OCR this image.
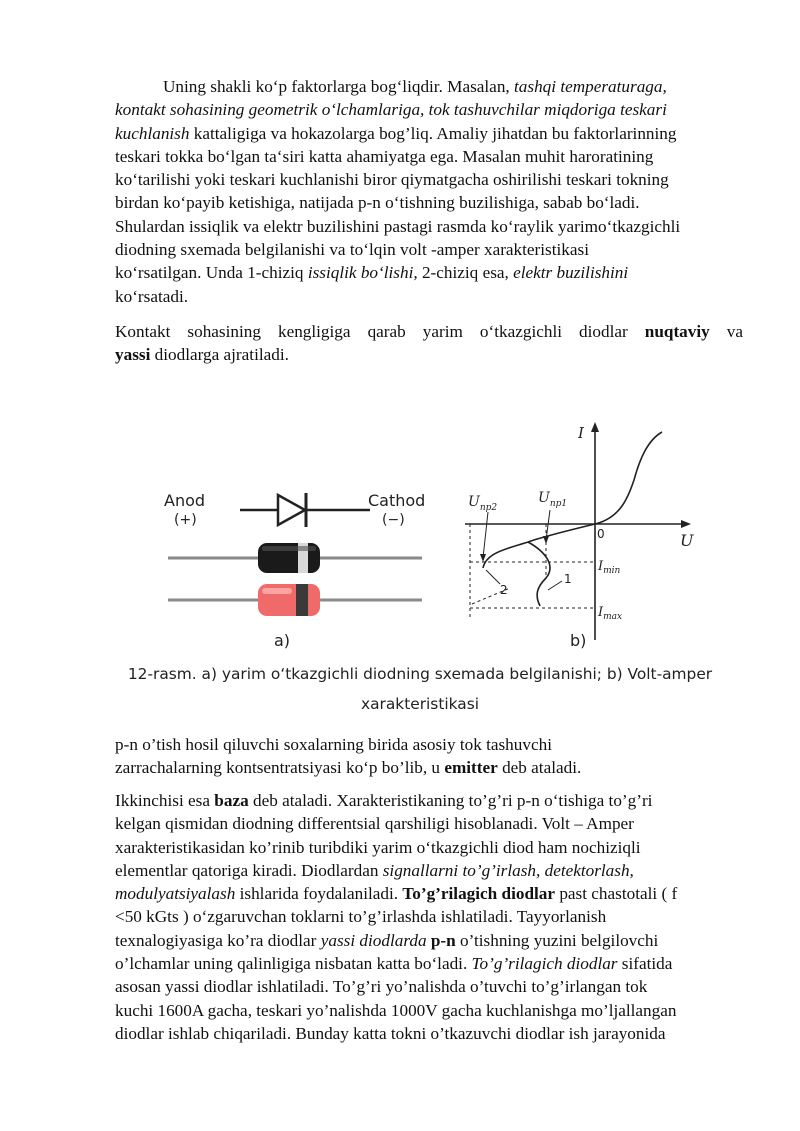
Uning shakli ko‘p faktorlarga bog‘liqdir. Masalan, tashqi temperaturaga,
kontakt sohasining geometrik o‘lchamlariga, tok tashuvchilar miqdoriga teskari
kuchlanish kattaligiga va hokazolarga bog’liq. Amaliy jihatdan bu faktorlarinning
teskari tokka bo‘lgan ta‘siri katta ahamiyatga ega. Masalan muhit haroratining
ko‘tarilishi yoki teskari kuchlanishi biror qiymatgacha oshirilishi teskari tokning
birdan ko‘payib ketishiga, natijada p-n o‘tishning buzilishiga, sabab bo‘ladi.
Shulardan issiqlik va elektr buzilishini pastagi rasmda ko‘raylik yarimo‘tkazgichli
diodning sxemada belgilanishi va to‘lqin volt -amper xarakteristikasi
ko‘rsatilgan. Unda 1-chiziq issiqlik bo‘lishi, 2-chiziq esa, elektr buzilishini
ko‘rsatadi.

Kontakt sohasining kengligiga qarab yarim o‘tkazgichli diodlar nuqtaviy va
yassi diodlarga ajratiladi.

Anod
(+)
Cathod
(−)
a)
I
U
0
$U_{np2}$
$U_{np1}$
$I_{min}$
$I_{max}$
1
2
b)
12-rasm. a) yarim o‘tkazgichli diodning sxemada belgilanishi; b) Volt-amper
xarakteristikasi

p-n o’tish hosil qiluvchi soxalarning birida asosiy tok tashuvchi
zarrachalarning kontsentratsiyasi ko‘p bo’lib, u emitter deb ataladi.

Ikkinchisi esa baza deb ataladi. Xarakteristikaning to’g’ri p-n o‘tishiga to’g’ri
kelgan qismidan diodning differentsial qarshiligi hisoblanadi. Volt – Amper
xarakteristikasidan ko’rinib turibdiki yarim o‘tkazgichli diod ham nochiziqli
elementlar qatoriga kiradi. Diodlardan signallarni to’g’irlash, detektorlash,
modulyatsiyalash ishlarida foydalaniladi. To’g’rilagich diodlar past chastotali ( f
<50 kGts ) o‘zgaruvchan toklarni to’g’irlashda ishlatiladi. Tayyorlanish
texnalogiyasiga ko’ra diodlar yassi diodlarda p-n o’tishning yuzini belgilovchi
o’lchamlar uning qalinligiga nisbatan katta bo‘ladi. To’g’rilagich diodlar sifatida
asosan yassi diodlar ishlatiladi. To’g’ri yo’nalishda o’tuvchi to’g’irlangan tok
kuchi 1600A gacha, teskari yo’nalishda 1000V gacha kuchlanishga mo’ljallangan
diodlar ishlab chiqariladi. Bunday katta tokni o’tkazuvchi diodlar ish jarayonida
